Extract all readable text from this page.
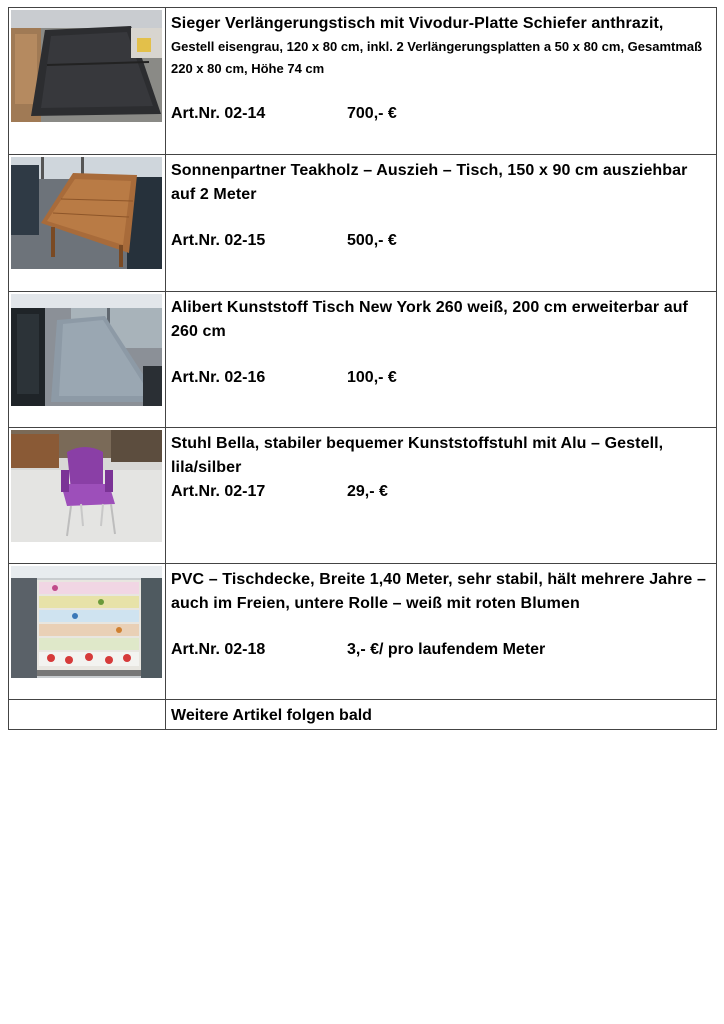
Sieger Verlängerungstisch mit Vivodur-Platte Schiefer anthrazit,
Gestell eisengrau, 120 x 80 cm, inkl. 2 Verlängerungsplatten a 50 x 80 cm, Gesamtmaß 220 x 80 cm, Höhe 74 cm
Art.Nr. 02-14 700,- €

Sonnenpartner Teakholz – Auszieh – Tisch, 150 x 90 cm ausziehbar auf 2 Meter
Art.Nr. 02-15 500,- €

Alibert Kunststoff Tisch New York 260 weiß, 200 cm erweiterbar auf 260 cm
Art.Nr. 02-16 100,- €

Stuhl Bella, stabiler bequemer Kunststoffstuhl mit Alu – Gestell, lila/silber
Art.Nr. 02-17 29,- €

PVC – Tischdecke, Breite 1,40 Meter, sehr stabil, hält mehrere Jahre – auch im Freien, untere Rolle – weiß mit roten Blumen
Art.Nr. 02-18 3,- €/ pro laufendem Meter

	Weitere Artikel folgen bald
